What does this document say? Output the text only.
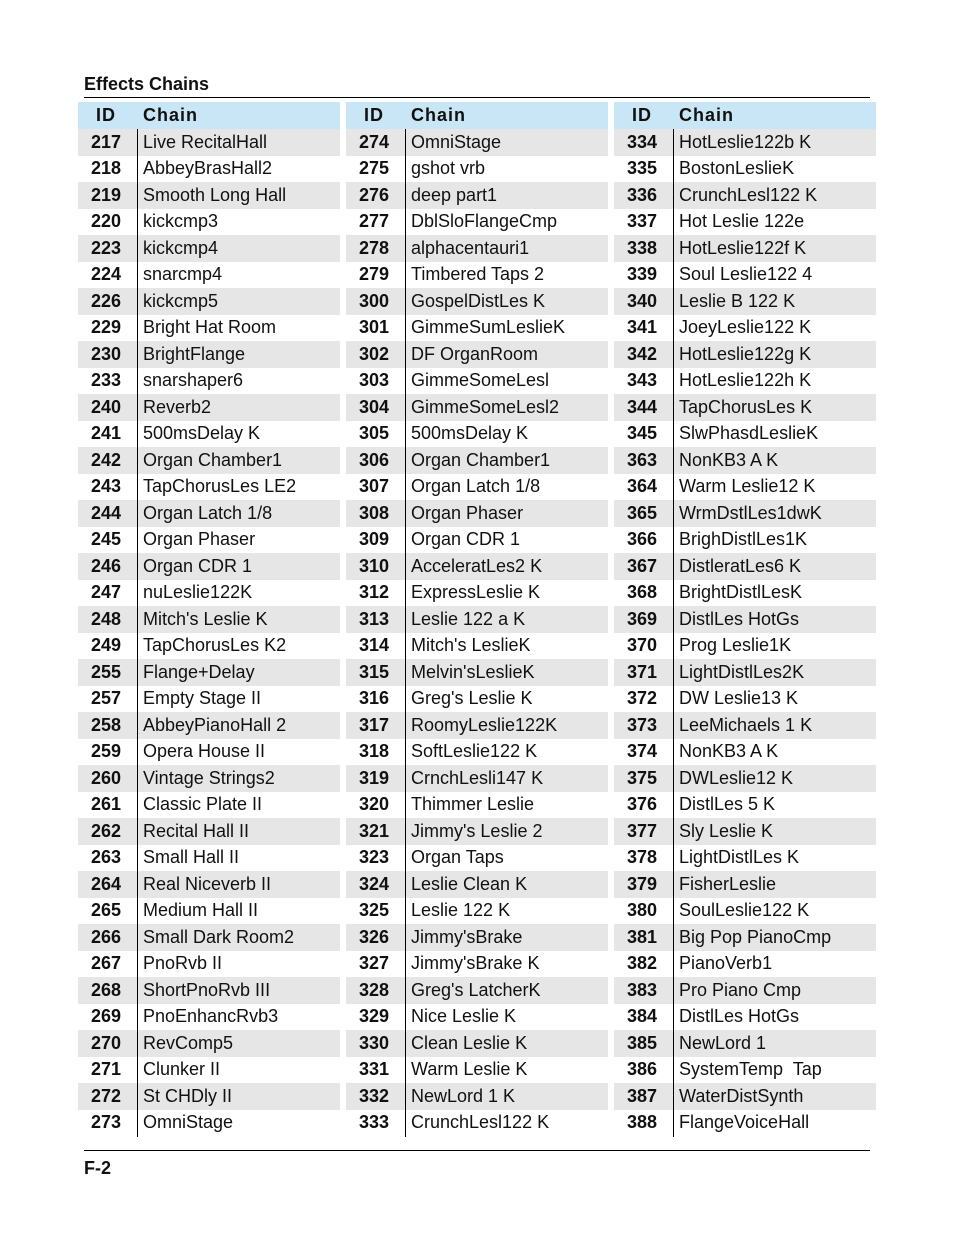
Effects Chains
ID	Chain
217	Live RecitalHall
218	AbbeyBrasHall2
219	Smooth Long Hall
220	kickcmp3
223	kickcmp4
224	snarcmp4
226	kickcmp5
229	Bright Hat Room
230	BrightFlange
233	snarshaper6
240	Reverb2
241	500msDelay K
242	Organ Chamber1
243	TapChorusLes LE2
244	Organ Latch 1/8
245	Organ Phaser
246	Organ CDR 1
247	nuLeslie122K
248	Mitch's Leslie K
249	TapChorusLes K2
255	Flange+Delay
257	Empty Stage II
258	AbbeyPianoHall 2
259	Opera House II
260	Vintage Strings2
261	Classic Plate II
262	Recital Hall II
263	Small Hall II
264	Real Niceverb II
265	Medium Hall II
266	Small Dark Room2
267	PnoRvb II
268	ShortPnoRvb III
269	PnoEnhancRvb3
270	RevComp5
271	Clunker II
272	St CHDly II
273	OmniStage
ID	Chain
274	OmniStage
275	gshot vrb
276	deep part1
277	DblSloFlangeCmp
278	alphacentauri1
279	Timbered Taps 2
300	GospelDistLes K
301	GimmeSumLeslieK
302	DF OrganRoom
303	GimmeSomeLesl
304	GimmeSomeLesl2
305	500msDelay K
306	Organ Chamber1
307	Organ Latch 1/8
308	Organ Phaser
309	Organ CDR 1
310	AcceleratLes2 K
312	ExpressLeslie K
313	Leslie 122 a K
314	Mitch's LeslieK
315	Melvin'sLeslieK
316	Greg's Leslie K
317	RoomyLeslie122K
318	SoftLeslie122 K
319	CrnchLesli147 K
320	Thimmer Leslie
321	Jimmy's Leslie 2
323	Organ Taps
324	Leslie Clean K
325	Leslie 122 K
326	Jimmy'sBrake
327	Jimmy'sBrake K
328	Greg's LatcherK
329	Nice Leslie K
330	Clean Leslie K
331	Warm Leslie K
332	NewLord 1 K
333	CrunchLesl122 K
ID	Chain
334	HotLeslie122b K
335	BostonLeslieK
336	CrunchLesl122 K
337	Hot Leslie 122e
338	HotLeslie122f K
339	Soul Leslie122 4
340	Leslie B 122 K
341	JoeyLeslie122 K
342	HotLeslie122g K
343	HotLeslie122h K
344	TapChorusLes K
345	SlwPhasdLeslieK
363	NonKB3 A K
364	Warm Leslie12 K
365	WrmDstlLes1dwK
366	BrighDistlLes1K
367	DistleratLes6 K
368	BrightDistlLesK
369	DistlLes HotGs
370	Prog Leslie1K
371	LightDistlLes2K
372	DW Leslie13 K
373	LeeMichaels 1 K
374	NonKB3 A K
375	DWLeslie12 K
376	DistlLes 5 K
377	Sly Leslie K
378	LightDistlLes K
379	FisherLeslie
380	SoulLeslie122 K
381	Big Pop PianoCmp
382	PianoVerb1
383	Pro Piano Cmp
384	DistlLes HotGs
385	NewLord 1
386	SystemTemp  Tap
387	WaterDistSynth
388	FlangeVoiceHall
F-2
